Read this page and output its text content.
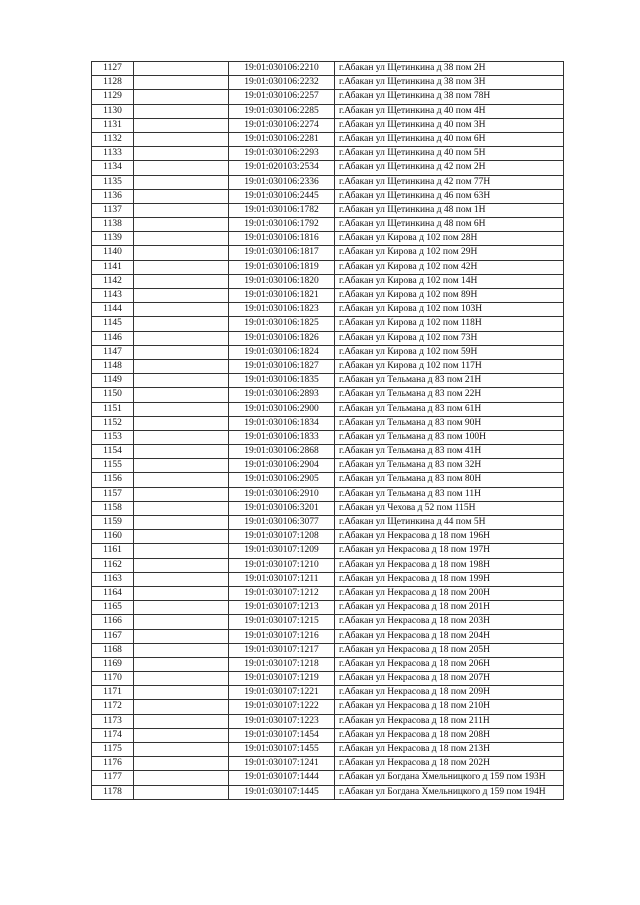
1127		19:01:030106:2210	г.Абакан ул Щетинкина д 38 пом 2Н
1128		19:01:030106:2232	г.Абакан ул Щетинкина д 38 пом 3Н
1129		19:01:030106:2257	г.Абакан ул Щетинкина д 38 пом 78Н
1130		19:01:030106:2285	г.Абакан ул Щетинкина д 40 пом 4Н
1131		19:01:030106:2274	г.Абакан ул Щетинкина д 40 пом 3Н
1132		19:01:030106:2281	г.Абакан ул Щетинкина д 40 пом 6Н
1133		19:01:030106:2293	г.Абакан ул Щетинкина д 40 пом 5Н
1134		19:01:020103:2534	г.Абакан ул Щетинкина д 42 пом 2Н
1135		19:01:030106:2336	г.Абакан ул Щетинкина д 42 пом 77Н
1136		19:01:030106:2445	г.Абакан ул Щетинкина д 46 пом 63Н
1137		19:01:030106:1782	г.Абакан ул Щетинкина д 48 пом 1Н
1138		19:01:030106:1792	г.Абакан ул Щетинкина д 48 пом 6Н
1139		19:01:030106:1816	г.Абакан ул Кирова д 102 пом 28Н
1140		19:01:030106:1817	г.Абакан ул Кирова д 102 пом 29Н
1141		19:01:030106:1819	г.Абакан ул Кирова д 102 пом 42Н
1142		19:01:030106:1820	г.Абакан ул Кирова д 102 пом 14Н
1143		19:01:030106:1821	г.Абакан ул Кирова д 102 пом 89Н
1144		19:01:030106:1823	г.Абакан ул Кирова д 102 пом 103Н
1145		19:01:030106:1825	г.Абакан ул Кирова д 102 пом 118Н
1146		19:01:030106:1826	г.Абакан ул Кирова д 102 пом 73Н
1147		19:01:030106:1824	г.Абакан ул Кирова д 102 пом 59Н
1148		19:01:030106:1827	г.Абакан ул Кирова д 102 пом 117Н
1149		19:01:030106:1835	г.Абакан ул Тельмана д 83 пом 21Н
1150		19:01:030106:2893	г.Абакан ул Тельмана д 83 пом 22Н
1151		19:01:030106:2900	г.Абакан ул Тельмана д 83 пом 61Н
1152		19:01:030106:1834	г.Абакан ул Тельмана д 83 пом 90Н
1153		19:01:030106:1833	г.Абакан ул Тельмана д 83 пом 100Н
1154		19:01:030106:2868	г.Абакан ул Тельмана д 83 пом 41Н
1155		19:01:030106:2904	г.Абакан ул Тельмана д 83 пом 32Н
1156		19:01:030106:2905	г.Абакан ул Тельмана д 83 пом 80Н
1157		19:01:030106:2910	г.Абакан ул Тельмана д 83 пом 11Н
1158		19:01:030106:3201	г.Абакан ул Чехова д 52 пом 115Н
1159		19:01:030106:3077	г.Абакан ул Щетинкина д 44 пом 5Н
1160		19:01:030107:1208	г.Абакан ул Некрасова д 18 пом 196Н
1161		19:01:030107:1209	г.Абакан ул Некрасова д 18 пом 197Н
1162		19:01:030107:1210	г.Абакан ул Некрасова д 18 пом 198Н
1163		19:01:030107:1211	г.Абакан ул Некрасова д 18 пом 199Н
1164		19:01:030107:1212	г.Абакан ул Некрасова д 18 пом 200Н
1165		19:01:030107:1213	г.Абакан ул Некрасова д 18 пом 201Н
1166		19:01:030107:1215	г.Абакан ул Некрасова д 18 пом 203Н
1167		19:01:030107:1216	г.Абакан ул Некрасова д 18 пом 204Н
1168		19:01:030107:1217	г.Абакан ул Некрасова д 18 пом 205Н
1169		19:01:030107:1218	г.Абакан ул Некрасова д 18 пом 206Н
1170		19:01:030107:1219	г.Абакан ул Некрасова д 18 пом 207Н
1171		19:01:030107:1221	г.Абакан ул Некрасова д 18 пом 209Н
1172		19:01:030107:1222	г.Абакан ул Некрасова д 18 пом 210Н
1173		19:01:030107:1223	г.Абакан ул Некрасова д 18 пом 211Н
1174		19:01:030107:1454	г.Абакан ул Некрасова д 18 пом 208Н
1175		19:01:030107:1455	г.Абакан ул Некрасова д 18 пом 213Н
1176		19:01:030107:1241	г.Абакан ул Некрасова д 18 пом 202Н
1177		19:01:030107:1444	г.Абакан ул Богдана Хмельницкого д 159 пом 193Н
1178		19:01:030107:1445	г.Абакан ул Богдана Хмельницкого д 159 пом 194Н
